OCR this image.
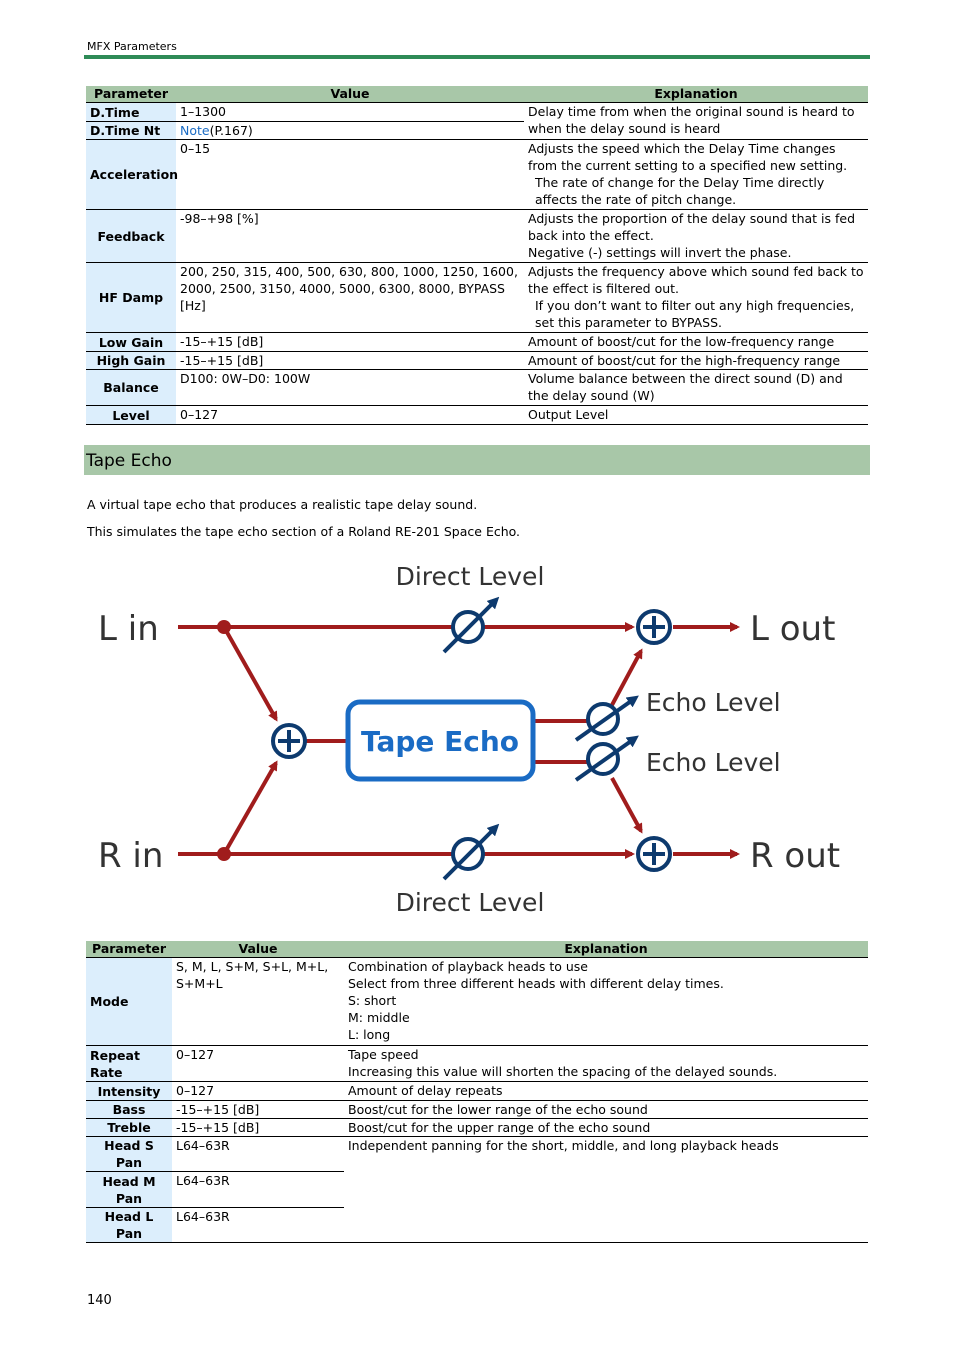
MFX Parameters
Parameter	Value	Explanation
D.Time	1–1300	Delay time from when the original sound is heard to when the delay sound is heard
D.Time Nt	Note(P.167)	
Acceleration	0–15	Adjusts the speed which the Delay Time changes from the current setting to a specified new setting.
The rate of change for the Delay Time directly affects the rate of pitch change.

Feedback	-98–+98 [%]	Adjusts the proportion of the delay sound that is fed back into the effect.
Negative (-) settings will invert the phase.

HF Damp	200, 250, 315, 400, 500, 630, 800, 1000, 1250, 1600, 2000, 2500, 3150, 4000, 5000, 6300, 8000, BYPASS [Hz]	Adjusts the frequency above which sound fed back to the effect is filtered out.
If you don’t want to filter out any high frequencies, set this parameter to BYPASS.

Low Gain	-15–+15 [dB]	Amount of boost/cut for the low-frequency range
High Gain	-15–+15 [dB]	Amount of boost/cut for the high-frequency range
Balance	D100: 0W–D0: 100W	Volume balance between the direct sound (D) and the delay sound (W)
Level	0–127	Output Level
Tape Echo
A virtual tape echo that produces a realistic tape delay sound.
This simulates the tape echo section of a Roland RE-201 Space Echo.
Direct Level
Direct Level
L in
R in
L out
R out
Echo Level
Echo Level
Tape Echo
Parameter	Value	Explanation
Mode	S, M, L, S+M, S+L, M+L, S+M+L	Combination of playback heads to use
Select from three different heads with different delay times.
S: short
M: middle
L: long

Repeat Rate	0–127	Tape speed
Increasing this value will shorten the spacing of the delayed sounds.

Intensity	0–127	Amount of delay repeats
Bass	-15–+15 [dB]	Boost/cut for the lower range of the echo sound
Treble	-15–+15 [dB]	Boost/cut for the upper range of the echo sound
Head S Pan	L64–63R	Independent panning for the short, middle, and long playback heads
Head M Pan	L64–63R	
Head L Pan	L64–63R	
140
